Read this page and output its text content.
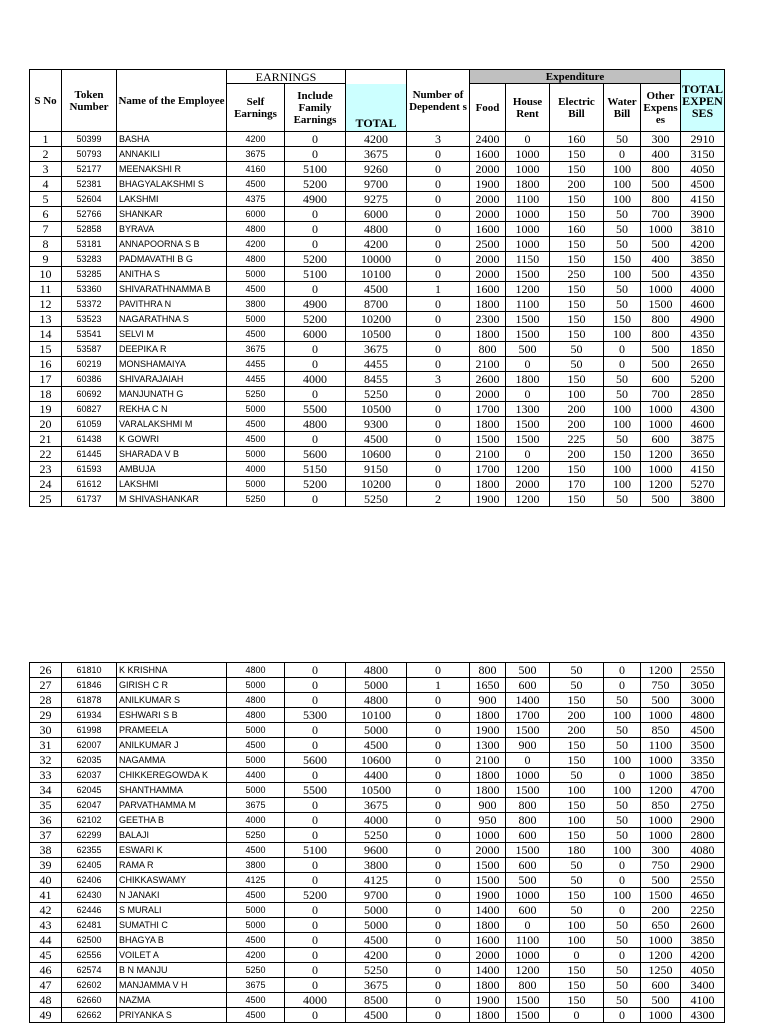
S No	Token Number	Name of the Employee	EARNINGS			Number of Dependent s	Expenditure					TOTAL EXPEN SES
			Self Earnings	Include Family Earnings	TOTAL		Food	House Rent	Electric Bill	Water Bill	Other Expens es	
1	50399	BASHA	4200	0	4200	3	2400	0	160	50	300	2910
2	50793	ANNAKILI	3675	0	3675	0	1600	1000	150	0	400	3150
3	52177	MEENAKSHI R	4160	5100	9260	0	2000	1000	150	100	800	4050
4	52381	BHAGYALAKSHMI S	4500	5200	9700	0	1900	1800	200	100	500	4500
5	52604	LAKSHMI	4375	4900	9275	0	2000	1100	150	100	800	4150
6	52766	SHANKAR	6000	0	6000	0	2000	1000	150	50	700	3900
7	52858	BYRAVA	4800	0	4800	0	1600	1000	160	50	1000	3810
8	53181	ANNAPOORNA S B	4200	0	4200	0	2500	1000	150	50	500	4200
9	53283	PADMAVATHI B G	4800	5200	10000	0	2000	1150	150	150	400	3850
10	53285	ANITHA S	5000	5100	10100	0	2000	1500	250	100	500	4350
11	53360	SHIVARATHNAMMA B	4500	0	4500	1	1600	1200	150	50	1000	4000
12	53372	PAVITHRA N	3800	4900	8700	0	1800	1100	150	50	1500	4600
13	53523	NAGARATHNA S	5000	5200	10200	0	2300	1500	150	150	800	4900
14	53541	SELVI M	4500	6000	10500	0	1800	1500	150	100	800	4350
15	53587	DEEPIKA R	3675	0	3675	0	800	500	50	0	500	1850
16	60219	MONSHAMAIYA	4455	0	4455	0	2100	0	50	0	500	2650
17	60386	SHIVARAJAIAH	4455	4000	8455	3	2600	1800	150	50	600	5200
18	60692	MANJUNATH G	5250	0	5250	0	2000	0	100	50	700	2850
19	60827	REKHA C N	5000	5500	10500	0	1700	1300	200	100	1000	4300
20	61059	VARALAKSHMI M	4500	4800	9300	0	1800	1500	200	100	1000	4600
21	61438	K GOWRI	4500	0	4500	0	1500	1500	225	50	600	3875
22	61445	SHARADA V B	5000	5600	10600	0	2100	0	200	150	1200	3650
23	61593	AMBUJA	4000	5150	9150	0	1700	1200	150	100	1000	4150
24	61612	LAKSHMI	5000	5200	10200	0	1800	2000	170	100	1200	5270
25	61737	M SHIVASHANKAR	5250	0	5250	2	1900	1200	150	50	500	3800
26	61810	K KRISHNA	4800	0	4800	0	800	500	50	0	1200	2550
27	61846	GIRISH C R	5000	0	5000	1	1650	600	50	0	750	3050
28	61878	ANILKUMAR S	4800	0	4800	0	900	1400	150	50	500	3000
29	61934	ESHWARI S B	4800	5300	10100	0	1800	1700	200	100	1000	4800
30	61998	PRAMEELA	5000	0	5000	0	1900	1500	200	50	850	4500
31	62007	ANILKUMAR J	4500	0	4500	0	1300	900	150	50	1100	3500
32	62035	NAGAMMA	5000	5600	10600	0	2100	0	150	100	1000	3350
33	62037	CHIKKEREGOWDA K	4400	0	4400	0	1800	1000	50	0	1000	3850
34	62045	SHANTHAMMA	5000	5500	10500	0	1800	1500	100	100	1200	4700
35	62047	PARVATHAMMA M	3675	0	3675	0	900	800	150	50	850	2750
36	62102	GEETHA B	4000	0	4000	0	950	800	100	50	1000	2900
37	62299	BALAJI	5250	0	5250	0	1000	600	150	50	1000	2800
38	62355	ESWARI K	4500	5100	9600	0	2000	1500	180	100	300	4080
39	62405	RAMA R	3800	0	3800	0	1500	600	50	0	750	2900
40	62406	CHIKKASWAMY	4125	0	4125	0	1500	500	50	0	500	2550
41	62430	N JANAKI	4500	5200	9700	0	1900	1000	150	100	1500	4650
42	62446	S MURALI	5000	0	5000	0	1400	600	50	0	200	2250
43	62481	SUMATHI C	5000	0	5000	0	1800	0	100	50	650	2600
44	62500	BHAGYA B	4500	0	4500	0	1600	1100	100	50	1000	3850
45	62556	VOILET A	4200	0	4200	0	2000	1000	0	0	1200	4200
46	62574	B N MANJU	5250	0	5250	0	1400	1200	150	50	1250	4050
47	62602	MANJAMMA V H	3675	0	3675	0	1800	800	150	50	600	3400
48	62660	NAZMA	4500	4000	8500	0	1900	1500	150	50	500	4100
49	62662	PRIYANKA S	4500	0	4500	0	1800	1500	0	0	1000	4300
